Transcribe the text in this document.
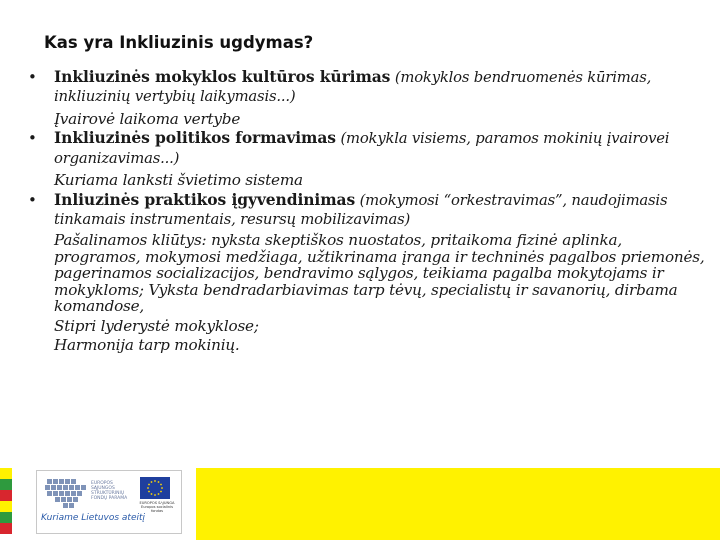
Kas yra Inkliuzinis ugdymas?
• Inkliuzinės mokyklos kultūros kūrimas (mokyklos bendruomenės kūrimas, inkliuzinių vertybių laikymasis...)
Įvairovė laikoma vertybe
• Inkliuzinės politikos formavimas (mokykla visiems, paramos mokinių įvairovei organizavimas...)
Kuriama lanksti švietimo sistema
• Inliuzinės praktikos įgyvendinimas (mokymosi “orkestravimas”, naudojimasis tinkamais instrumentais, resursų mobilizavimas)
Pašalinamos kliūtys: nyksta skeptiškos nuostatos, pritaikoma fizinė aplinka, programos, mokymosi medžiaga, užtikrinama įranga ir techninės pagalbos priemonės, pagerinamos socializacijos, bendravimo sąlygos, teikiama pagalba mokytojams ir mokykloms; Vyksta bendradarbiavimas tarp tėvų, specialistų ir savanorių, dirbama komandose,
Stipri lyderystė mokyklose;
Harmonija tarp mokinių.
EUROPOS SĄJUNGOS STRUKTŪRINIŲ FONDŲ PARAMA
EUROPOS SĄJUNGA Europos socialinis fondas
Kuriame Lietuvos ateitį
